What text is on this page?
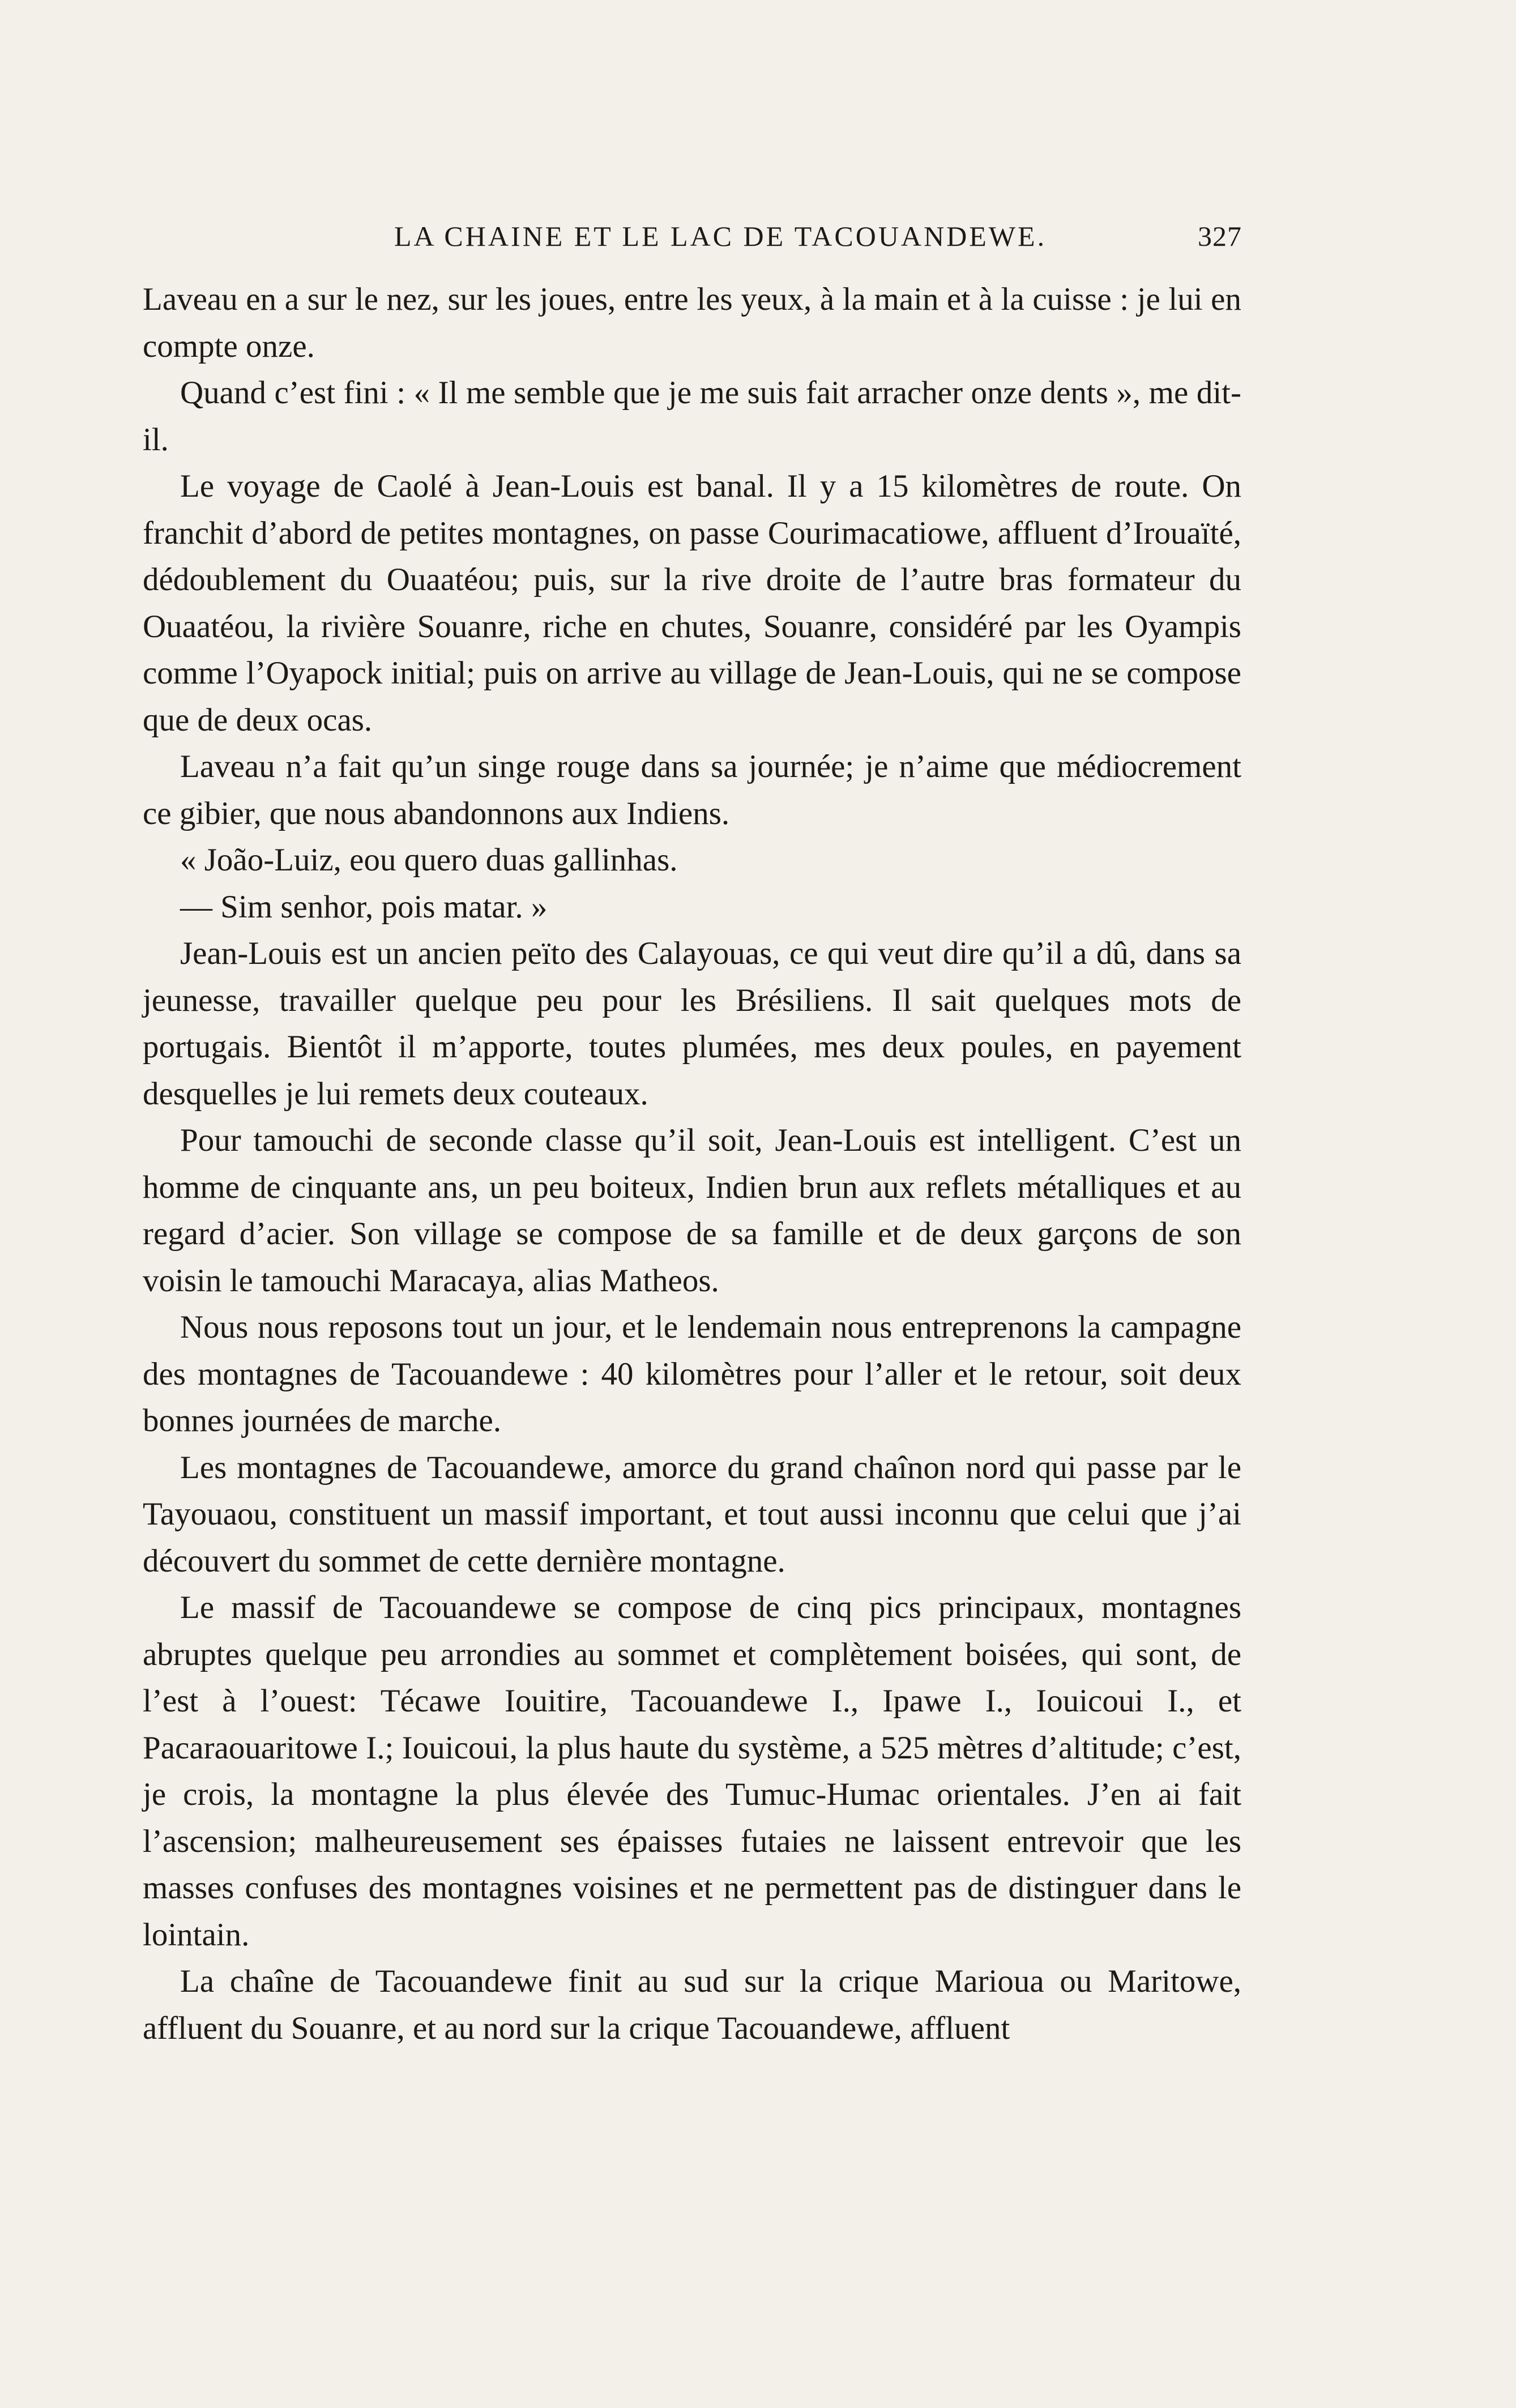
LA CHAINE ET LE LAC DE TACOUANDEWE.	327

Laveau en a sur le nez, sur les joues, entre les yeux, à la main et à la cuisse : je lui en compte onze.

Quand c’est fini : « Il me semble que je me suis fait arracher onze dents », me dit-il.

Le voyage de Caolé à Jean-Louis est banal. Il y a 15 kilomètres de route. On franchit d’abord de petites montagnes, on passe Courimacatiowe, affluent d’Irouaïté, dédoublement du Ouaatéou; puis, sur la rive droite de l’autre bras formateur du Ouaatéou, la rivière Souanre, riche en chutes, Souanre, considéré par les Oyampis comme l’Oyapock initial; puis on arrive au village de Jean-Louis, qui ne se compose que de deux ocas.

Laveau n’a fait qu’un singe rouge dans sa journée; je n’aime que médiocrement ce gibier, que nous abandonnons aux Indiens.

« João-Luiz, eou quero duas gallinhas.

— Sim senhor, pois matar. »

Jean-Louis est un ancien peïto des Calayouas, ce qui veut dire qu’il a dû, dans sa jeunesse, travailler quelque peu pour les Brésiliens. Il sait quelques mots de portugais. Bientôt il m’apporte, toutes plumées, mes deux poules, en payement desquelles je lui remets deux couteaux.

Pour tamouchi de seconde classe qu’il soit, Jean-Louis est intelligent. C’est un homme de cinquante ans, un peu boiteux, Indien brun aux reflets métalliques et au regard d’acier. Son village se compose de sa famille et de deux garçons de son voisin le tamouchi Maracaya, alias Matheos.

Nous nous reposons tout un jour, et le lendemain nous entreprenons la campagne des montagnes de Tacouandewe : 40 kilomètres pour l’aller et le retour, soit deux bonnes journées de marche.

Les montagnes de Tacouandewe, amorce du grand chaînon nord qui passe par le Tayouaou, constituent un massif important, et tout aussi inconnu que celui que j’ai découvert du sommet de cette dernière montagne.

Le massif de Tacouandewe se compose de cinq pics principaux, montagnes abruptes quelque peu arrondies au sommet et complètement boisées, qui sont, de l’est à l’ouest: Técawe Iouitire, Tacouandewe I., Ipawe I., Iouicoui I., et Pacaraouaritowe I.; Iouicoui, la plus haute du système, a 525 mètres d’altitude; c’est, je crois, la montagne la plus élevée des Tumuc-Humac orientales. J’en ai fait l’ascension; malheureusement ses épaisses futaies ne laissent entrevoir que les masses confuses des montagnes voisines et ne permettent pas de distinguer dans le lointain.

La chaîne de Tacouandewe finit au sud sur la crique Marioua ou Maritowe, affluent du Souanre, et au nord sur la crique Tacouandewe, affluent
